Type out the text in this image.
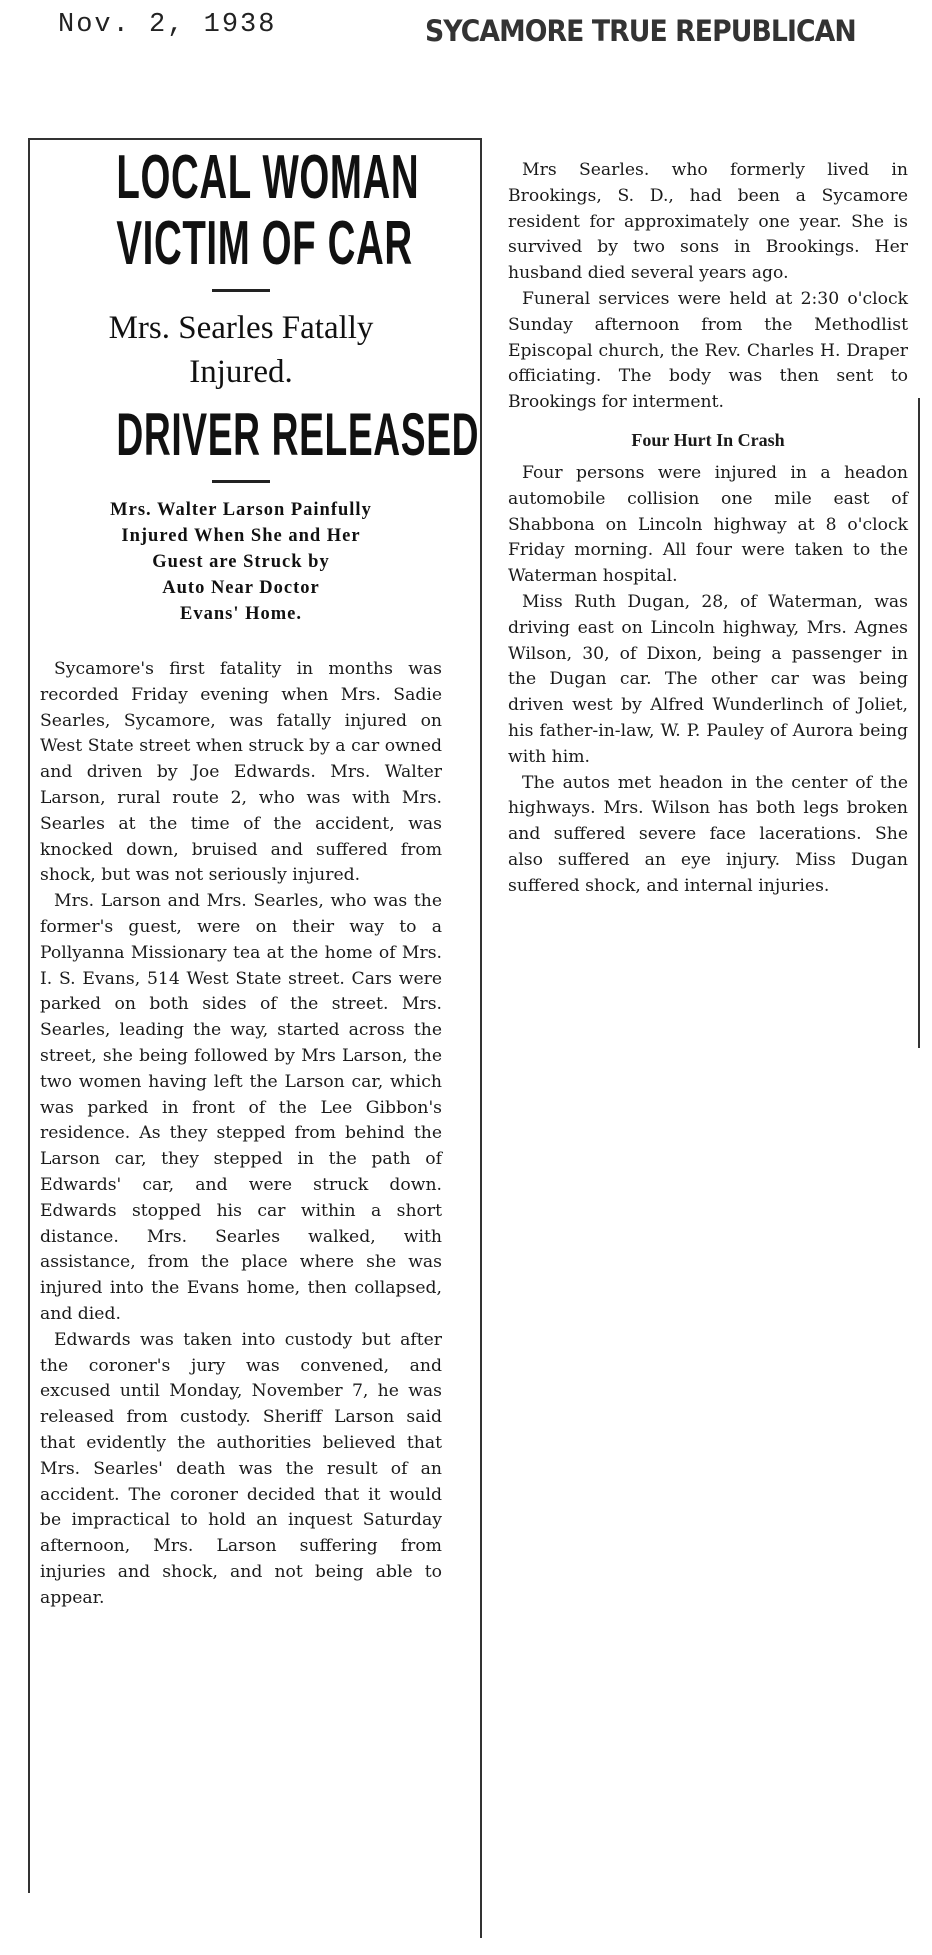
Nov. 2, 1938	SYCAMORE TRUE REPUBLICAN
LOCAL WOMAN
VICTIM OF CAR
Mrs. Searles Fatally
Injured.
DRIVER RELEASED
Mrs. Walter Larson Painfully
Injured When She and Her
Guest are Struck by
Auto Near Doctor
Evans' Home.

Sycamore's first fatality in months was recorded Friday evening when Mrs. Sadie Searles, Sycamore, was fatally injured on West State street when struck by a car owned and driven by Joe Edwards. Mrs. Walter Larson, rural route 2, who was with Mrs. Searles at the time of the accident, was knocked down, bruised and suffered from shock, but was not seriously injured.

Mrs. Larson and Mrs. Searles, who was the former's guest, were on their way to a Pollyanna Missionary tea at the home of Mrs. I. S. Evans, 514 West State street. Cars were parked on both sides of the street. Mrs. Searles, leading the way, started across the street, she being followed by Mrs Larson, the two women having left the Larson car, which was parked in front of the Lee Gibbon's residence. As they stepped from behind the Larson car, they stepped in the path of Edwards' car, and were struck down. Edwards stopped his car within a short distance. Mrs. Searles walked, with assistance, from the place where she was injured into the Evans home, then collapsed, and died.

Edwards was taken into custody but after the coroner's jury was convened, and excused until Monday, November 7, he was released from custody. Sheriff Larson said that evidently the authorities believed that Mrs. Searles' death was the result of an accident. The coroner decided that it would be impractical to hold an inquest Saturday afternoon, Mrs. Larson suffering from injuries and shock, and not being able to appear.

Mrs Searles. who formerly lived in Brookings, S. D., had been a Sycamore resident for approximately one year. She is survived by two sons in Brookings. Her husband died several years ago.

Funeral services were held at 2:30 o'clock Sunday afternoon from the Methodlist Episcopal church, the Rev. Charles H. Draper officiating. The body was then sent to Brookings for interment.

Four Hurt In Crash

Four persons were injured in a headon automobile collision one mile east of Shabbona on Lincoln highway at 8 o'clock Friday morning. All four were taken to the Waterman hospital.

Miss Ruth Dugan, 28, of Waterman, was driving east on Lincoln highway, Mrs. Agnes Wilson, 30, of Dixon, being a passenger in the Dugan car. The other car was being driven west by Alfred Wunderlinch of Joliet, his father-in-law, W. P. Pauley of Aurora being with him.

The autos met headon in the center of the highways. Mrs. Wilson has both legs broken and suffered severe face lacerations. She also suffered an eye injury. Miss Dugan suffered shock, and internal injuries.
